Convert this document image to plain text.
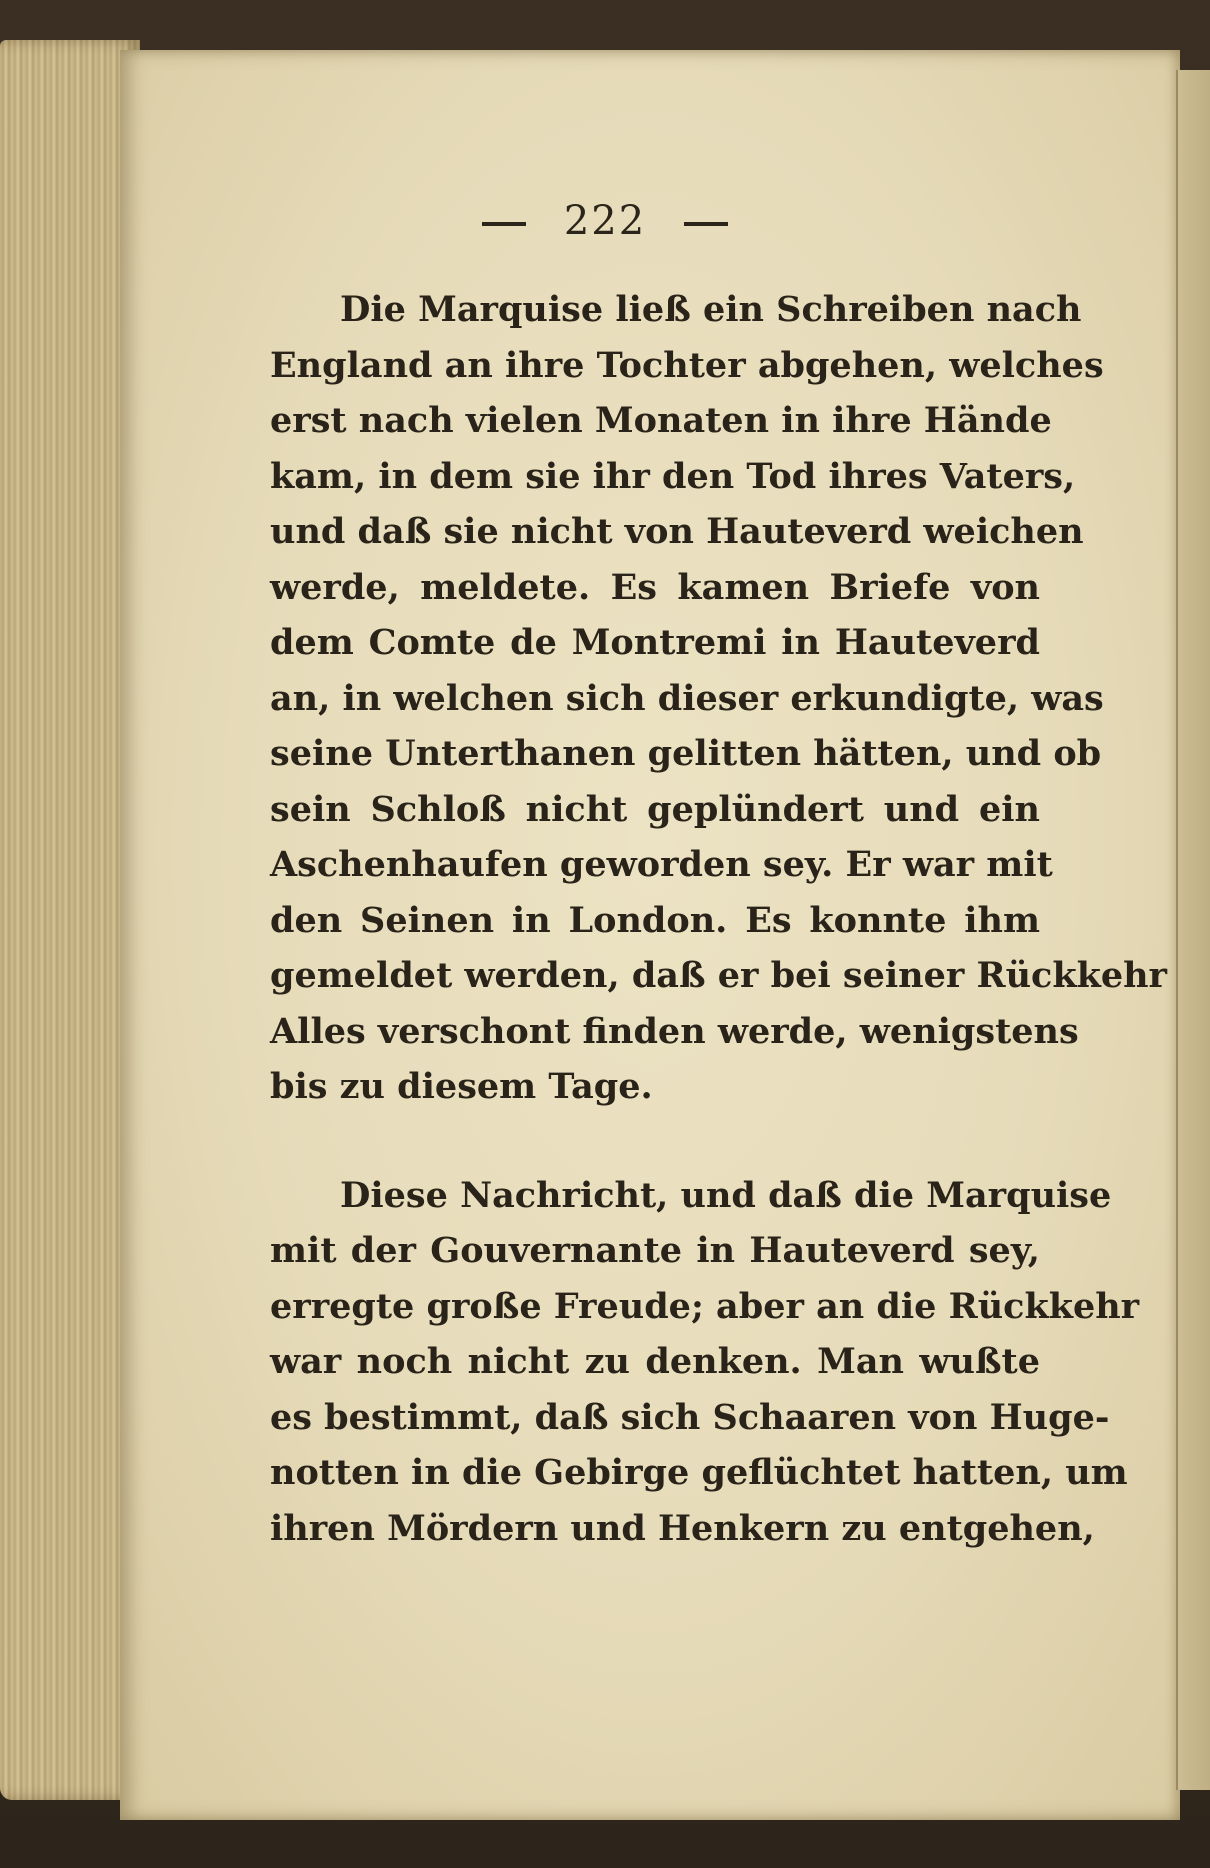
222
Die Marquise ließ ein Schreiben nach
England an ihre Tochter abgehen, welches
erst nach vielen Monaten in ihre Hände
kam, in dem sie ihr den Tod ihres Vaters,
und daß sie nicht von Hauteverd weichen
werde, meldete. Es kamen Briefe von
dem Comte de Montremi in Hauteverd
an, in welchen sich dieser erkundigte, was
seine Unterthanen gelitten hätten, und ob
sein Schloß nicht geplündert und ein
Aschenhaufen geworden sey. Er war mit
den Seinen in London. Es konnte ihm
gemeldet werden, daß er bei seiner Rückkehr
Alles verschont finden werde, wenigstens
bis zu diesem Tage.
Diese Nachricht, und daß die Marquise
mit der Gouvernante in Hauteverd sey,
erregte große Freude; aber an die Rückkehr
war noch nicht zu denken. Man wußte
es bestimmt, daß sich Schaaren von Huge-
notten in die Gebirge geflüchtet hatten, um
ihren Mördern und Henkern zu entgehen,
